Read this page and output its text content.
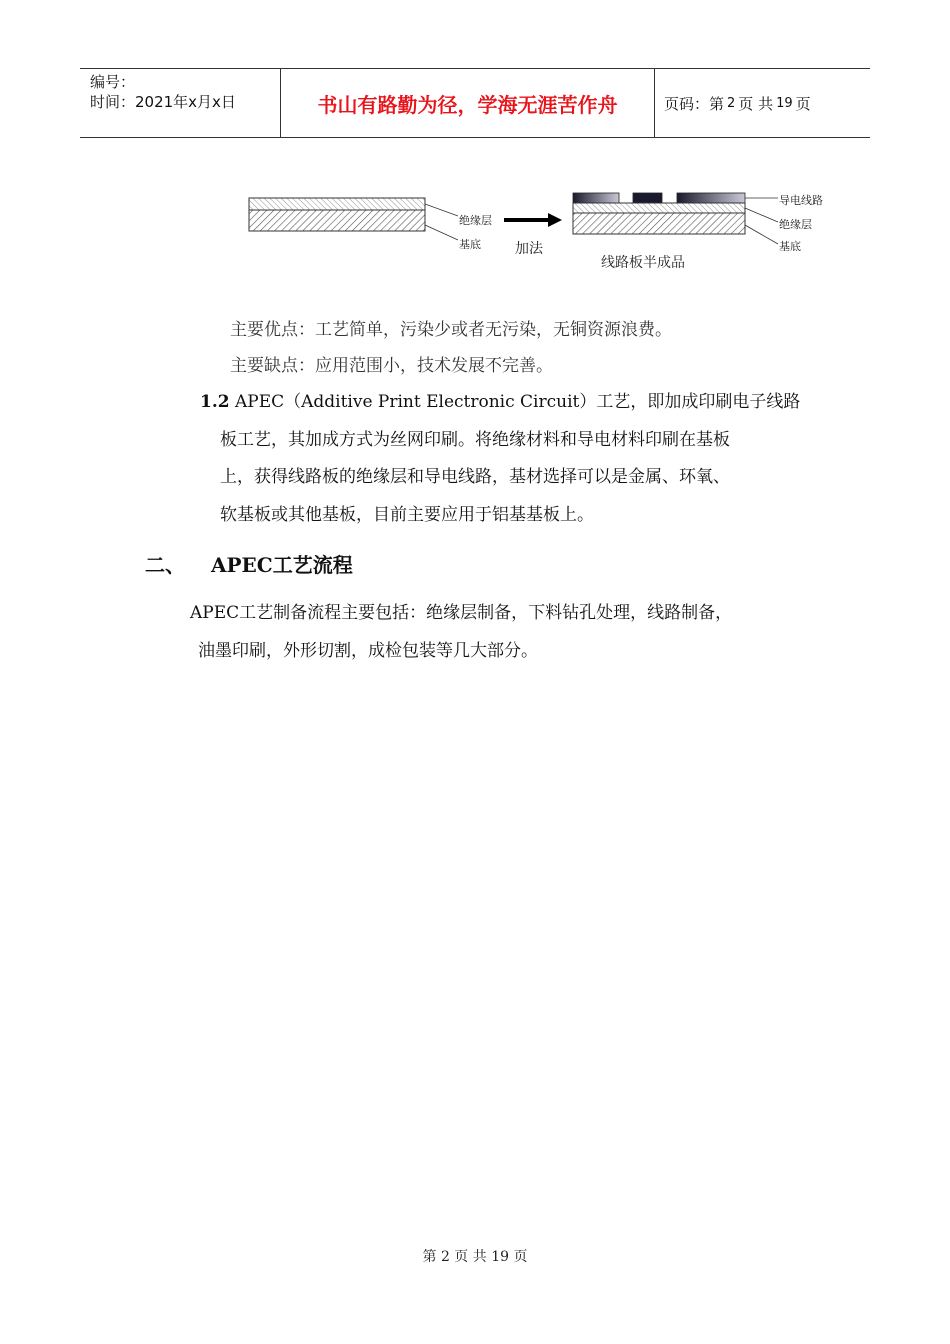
编号：
时间：2021年x月x日	书山有路勤为径，学海无涯苦作舟	页码：第 2 页 共 19 页
绝缘层
基底 加法
导电线路
绝缘层
基底
线路板半成品
主要优点：工艺简单，污染少或者无污染，无铜资源浪费。
主要缺点：应用范围小，技术发展不完善。
1.2 APEC（Additive Print Electronic Circuit）工艺，即加成印刷电子线路
板工艺，其加成方式为丝网印刷。将绝缘材料和导电材料印刷在基板
上，获得线路板的绝缘层和导电线路，基材选择可以是金属、环氧、
软基板或其他基板，目前主要应用于铝基基板上。
二、 APEC工艺流程
APEC工艺制备流程主要包括：绝缘层制备，下料钻孔处理，线路制备，
油墨印刷，外形切割，成检包装等几大部分。
第 2 页 共 19 页
